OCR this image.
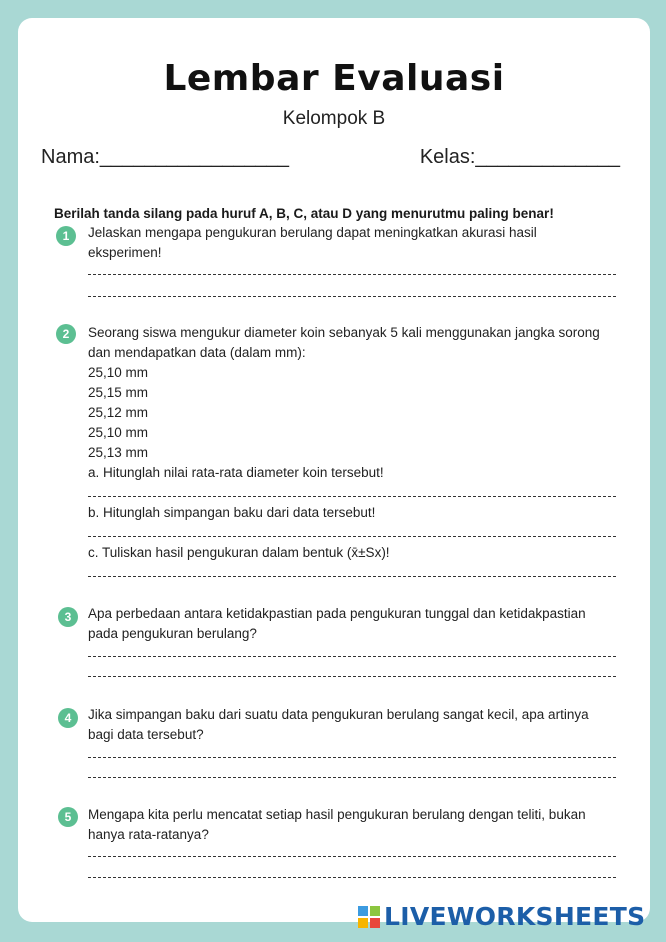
Lembar Evaluasi
Kelompok B
Nama:_________________	Kelas:_____________
Berilah tanda silang pada huruf A, B, C, atau D yang menurutmu paling benar!
1	Jelaskan mengapa pengukuran berulang dapat meningkatkan akurasi hasil eksperimen!
2	Seorang siswa mengukur diameter koin sebanyak 5 kali menggunakan jangka sorong dan mendapatkan data (dalam mm):
25,10 mm
25,15 mm
25,12 mm
25,10 mm
25,13 mm
a. Hitunglah nilai rata-rata diameter koin tersebut!
b. Hitunglah simpangan baku dari data tersebut!
c. Tuliskan hasil pengukuran dalam bentuk (x̄±Sx)!
3	Apa perbedaan antara ketidakpastian pada pengukuran tunggal dan ketidakpastian pada pengukuran berulang?
4	Jika simpangan baku dari suatu data pengukuran berulang sangat kecil, apa artinya bagi data tersebut?
5	Mengapa kita perlu mencatat setiap hasil pengukuran berulang dengan teliti, bukan hanya rata-ratanya?
LIVEWORKSHEETS
